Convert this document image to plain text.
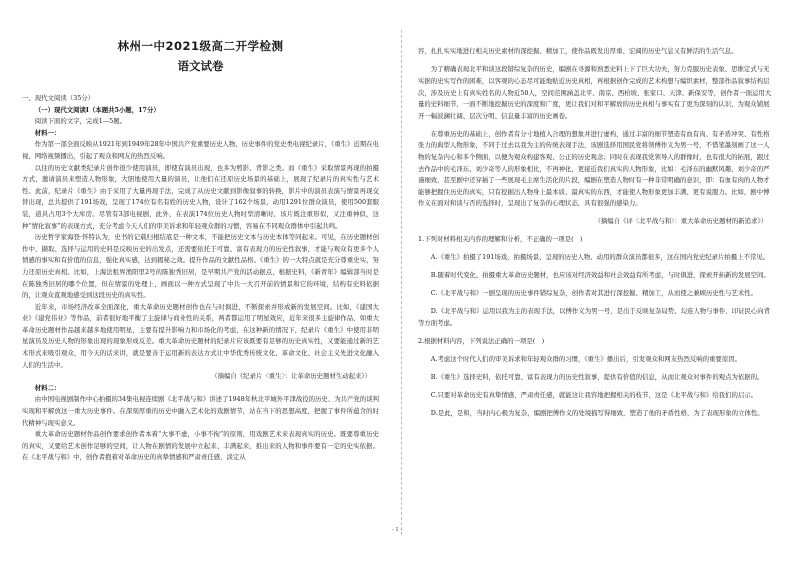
林州一中2021级高二开学检测
语文试卷

一、现代文阅读（35分）

（一）现代文阅读Ⅰ（本题共5小题，17分）

阅读下面的文字，完成1—5题。

材料一：

作为第一部全面反映从1921年到1949年28年中国共产党重要历史人物、历史事件的党史类电视纪录片，《重生》近期在电视、网络视频播出，引起了观众和网友的热烈反响。

以往的历史文献类纪录片创作很少使用演员，即使有演员出现，也多为剪影、背影之类。而《重生》采取情景再现的拍摄方式，邀请演员来塑造人物形象，大胆地使用大量的演员，让他们在还原历史场景的基础上，展现了纪录片的真实性与艺术性。此前，纪录片《重生》由于采用了大量再现手法，完成了从历史文献到影像叙事的转换，影片中的演员表演与情景再现交替出现，总共提供了191场戏，呈现了174位有名有姓的历史人物，设计了162个场景，动用1291位群众演员，使用500套服装，道具占用3个大库房。尽管有3部电视剧，此外，在表演174位历史人物时型清晰时，该片既注重形似，又注重神似，这种“情化叙事”的表现方式，充分考虑今天人们的审美诉求和年轻观众群的习惯，容易在不同观众群体中引起共鸣。

历史哲学家海登·怀特认为，史书的记载归根结底是一种文本，不能把历史文本与历史本体等同起来。可见，在历史题材创作中，撷取、选择与运用的史料是反映历史的出发点，还需要依托于可靠、富有表现力的历史性叙事，才能与观众有更多个人情感的事实和有价值的信息，强化真实感，达到揭秘之效。提升作品的文献性品格。《重生》的一大特点就是充分尊重史实，努力还原历史真相。比如，上海法租界渔阳里2号的陈独秀旧居，是早期共产党的活动据点，根据史料，《新青年》编辑部当时是在陈独秀旧居的哪个位置，但在情景的处理上，画面以一种方式呈现了中共一大召开前的情景和它的环境，结构有史料依据的，让观众直观地感受到这段历史的真实性。

近年来，市场经济改革全面深化，重大革命历史题材创作也在与时俱进，不断探索并形成新的发展空间。比如，《建国大业》《建党伟业》等作品，前者很好地平衡了主旋律与商业性的关系，两者都运用了明星效应，近年来很多主旋律作品，如重大革命历史题材作品越来越多地使用明星，主要有提升影响力和市场化的考虑，在这种新的情况下，纪录片《重生》中使用非明星演员及历史人物的形象出现的现象形成反差。重大革命历史题材的纪录片应该既要有足够的历史真实性，又要能通过新的艺术形式来吸引观众，用今天的话来讲，就是要善于运用新的表达方式让中华优秀传统文化、革命文化、社会主义先进文化融入人们的生活中。

（摘编自《纪录片〈重生〉：让革命历史题材生动起来》）

材料二：

由中国电视剧制作中心拍摄的34集电视连续剧《北平战与和》讲述了1948年秋北平城外平津战役的历史、为共产党的谈判实现和平解放这一重大历史事件。在深刻厚重的历史中融入艺术化的戏剧情节，站在当下的思想高度，把握了事件所蕴含的时代精神与现实意义。

重大革命历史题材作品创作要求创作者本着“大事不虚，小事不拘”的原则，用戏剧艺术来表现真实的历史。既要尊重历史的真实，又要给艺术创作足够的空间，让人物在剧情的发展中立起来、丰满起来，推出来的人物和事件要有一定的史实依据。在《北平战与和》中，创作者抱着对革命历史的真挚情感和严肃责任感，淡定从

容，扎扎实实地进行相关历史素材的深挖掘、精加工，使作品既发出厚重、宏阔的历史气息又有鲜活的生活气息。

为了精确表现北平和谈这段错综复杂的历史，编剧在寻源和熟悉史料上下了巨大功夫，努力克服历史表象、思维定式与无实据的史实写作的困难，以客观的心态尽可能地贴近历史真相，再根据创作完成的艺术构想与编织素材，整部作品叙事结构层次，涉及历史上有真实姓名的人物近50人，空间范围涵盖北平、南京、西柏坡、张家口、天津、新保安等，创作者一面运用大量的史料细节，一面不断地挖掘历史的深度和广度，更让我们对和平解放的历史真相与事实有了更为深刻的认识，为观众铺展开一幅波澜壮阔、层次分明、信息量丰富的历史画卷。

在尊重历史的基础上，创作者有分寸地植入合理的想象并进行虚构，通过丰富的细节塑造有血有肉、有矛盾冲突、有性格张力的典型人物形象，不同于过去以我为主的传统表现手法，该剧选择用国民党将领傅作义为男一号，不惜笔墨刻画了这一人物的复杂内心和多个侧面，以便为观众构建客观、公正的历史观念；同时在表现我党领导人的群像时，也有很大的拓展，跟过去作品中的毛泽东、刘少奇等人的形象相比，不再神化，更接近我们真实的人物形象，比如：毛泽东的幽默风趣、刘少奇的严谨细致，甚至剧中还穿插了一些展现毛主席生活化的片段，编剧在塑造人物时有一种非常明确的意识，即：有血有肉的人物才能够把握住历史的真实，只有挖掘出人物身上最本质、最真实的东西，才能使人物形象更加丰满、更有说服力。比如，剧中傅作义在面对和谈与否的选择时，呈现出了复杂的心理状态，具有很强的感染力。

（摘编自《评〈北平战与和〉：重大革命历史题材的新追求》）

1.下列对材料相关内容的理解和分析，不正确的一项是(　)

A.《重生》拍摄了191场戏，拍摄场景、呈现的历史人物、动用的群众演员都很多，这在国内党史纪录片拍摄上不常见。

B.随着时代变化，拍摄重大革命历史题材，也应该对经济效益和社会效益有所考虑，与时俱进，探索开拓新的发展空间。

C.《北平战与和》一剧呈现的历史事件错综复杂，创作者对其进行深挖掘、精加工，从而使之兼顾历史性与艺术性。

D.《北平战与和》运用以我为主的表现手法，以傅作义为男一号，是出于反映复杂局势、勾连人物与事件、印证民心向背等方面考虑。

2.根据材料内容，下列说法正确的一项是(　)

A.考虑这个时代人们的审美诉求和年轻观众群的习惯，《重生》播出后，引发观众和网友热烈反响的重要原因。

B.《重生》选择史料，依托可靠、富有表现力的历史性叙事，提供有价值的信息，从而让观众对事件的观点为依据的。

C.只要对革命历史有真挚情感，严肃责任感，就能这让我容地把握相关的枝节，这是《北平战与和》给我们的启示。

D.是此，是和，当时内心极为复杂，编剧把傅作义的处境描写得细致，塑造了他的矛盾性格，为了表现形象的立体性。

- 1 -
